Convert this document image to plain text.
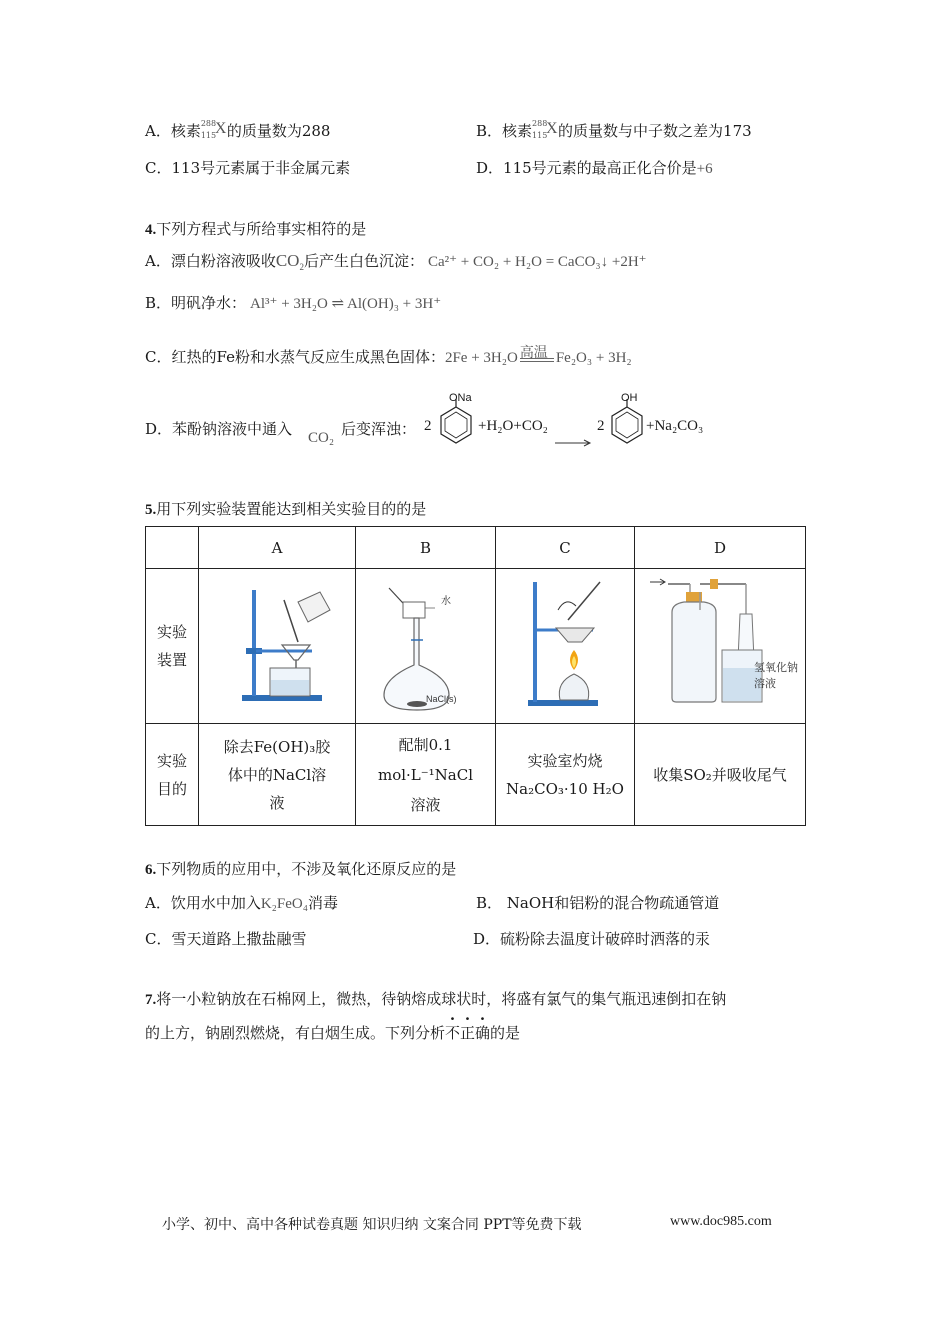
A．核素 288
115
X 的质量数为288	B．核素 288
115
X 的质量数与中子数之差为173
C．113号元素属于非金属元素	D．115号元素的最高正化合价是+6
4.下列方程式与所给事实相符的是
A．漂白粉溶液吸收$CO_2$后产生白色沉淀： Ca²⁺ + CO₂ + H₂O = CaCO₃↓ +2H⁺
B．明矾净水： Al³⁺ + 3H₂O ⇌ Al(OH)₃ + 3H⁺
C．红热的Fe粉和水蒸气反应生成黑色固体：2Fe + 3H₂O 高温 Fe₂O₃ + 3H₂
D．苯酚钠溶液中通入 CO₂ 后变浑浊： 2
ONa
+H₂O+CO₂	2
OH
+Na₂CO₃
5.用下列实验装置能达到相关实验目的的是
	A	B	C	D

实验装置

实验目的	除去Fe(OH)₃胶体中的NaCl溶液	配制0.1 mol·L⁻¹NaCl溶液	实验室灼烧Na₂CO₃·10 H₂O	收集SO₂并吸收尾气
水
NaCl(s)
氢氧化钠溶液
6.下列物质的应用中，不涉及氧化还原反应的是
A．饮用水中加入K₂FeO₄消毒	B． NaOH和铝粉的混合物疏通管道
C．雪天道路上撒盐融雪	D．硫粉除去温度计破碎时洒落的汞
7.将一小粒钠放在石棉网上，微热，待钠熔成球状时，将盛有氯气的集气瓶迅速倒扣在钠
的上方，钠剧烈燃烧，有白烟生成。下列分析不正确
· · ·
的是
小学、初中、高中各种试卷真题 知识归纳 文案合同 PPT等免费下载	www.doc985.com
